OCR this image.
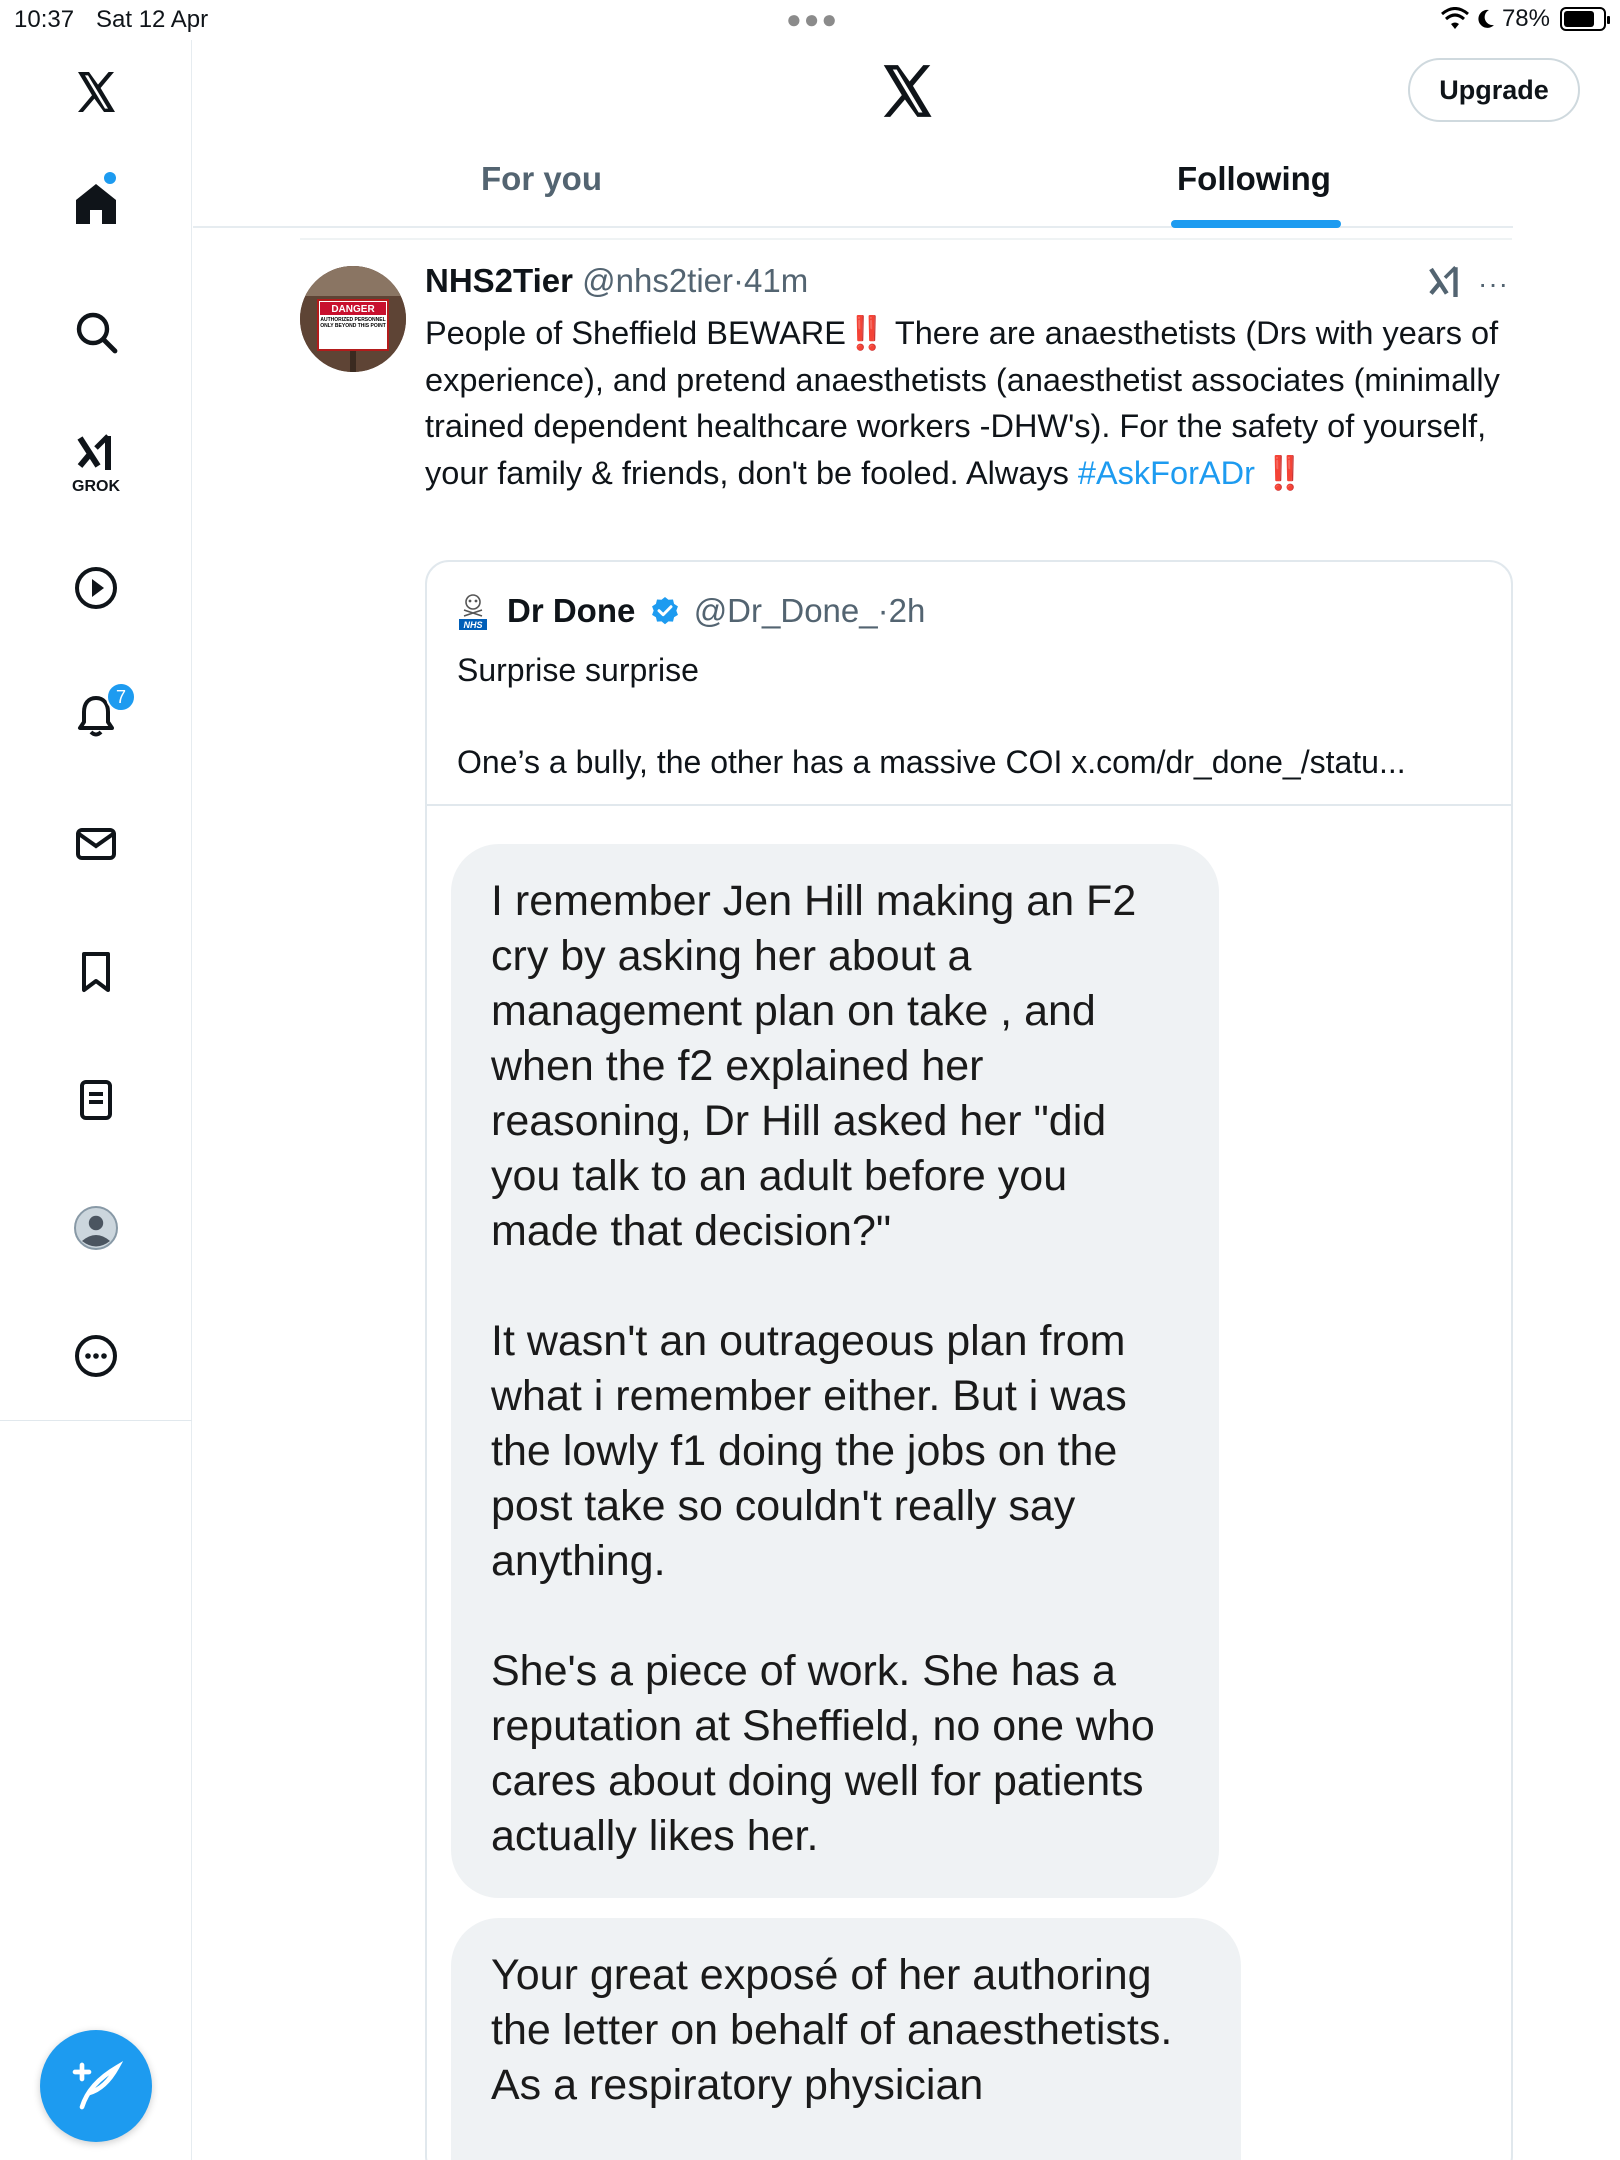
10:37 Sat 12 Apr	●●●	78%
GROK
7
Upgrade
For you	Following
DANGER
AUTHORIZED PERSONNEL ONLY BEYOND THIS POINT
NHS2Tier @nhs2tier·41m	···
People of Sheffield BEWARE‼️ There are anaesthetists (Drs with years of experience), and pretend anaesthetists (anaesthetist associates (minimally trained dependent healthcare workers -DHW's). For the safety of yourself, your family & friends, don't be fooled. Always #AskForADr ‼️
NHS Dr Done @Dr_Done_·2h
Surprise surprise
One’s a bully, the other has a massive COI x.com/dr_done_/statu...

I remember Jen Hill making an F2 cry by asking her about a management plan on take , and when the f2 explained her reasoning, Dr Hill asked her "did you talk to an adult before you made that decision?"

It wasn't an outrageous plan from what i remember either. But i was the lowly f1 doing the jobs on the post take so couldn't really say anything.

She's a piece of work. She has a reputation at Sheffield, no one who cares about doing well for patients actually likes her.

Your great exposé of her authoring the letter on behalf of anaesthetists.
As a respiratory physician
